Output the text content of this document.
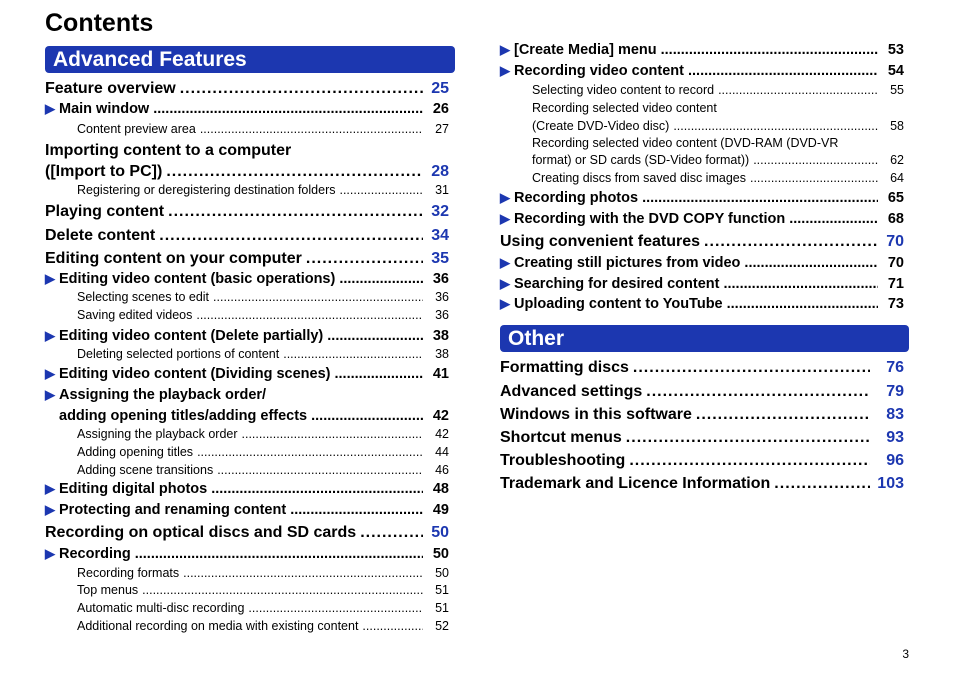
Contents
Advanced Features
Other
Feature overview .....	25
▶ Main window .....	26
Content preview area .....	27
Importing content to a computer
([Import to PC]) .....	28
Registering or deregistering destination folders .....	31
Playing content .....	32
Delete content .....	34
Editing content on your computer .....	35
▶ Editing video content (basic operations) .....	36
Selecting scenes to edit .....	36
Saving edited videos .....	36
▶ Editing video content (Delete partially) .....	38
Deleting selected portions of content .....	38
▶ Editing video content (Dividing scenes) .....	41
▶ Assigning the playback order/
adding opening titles/adding effects .....	42
Assigning the playback order .....	42
Adding opening titles .....	44
Adding scene transitions .....	46
▶ Editing digital photos .....	48
▶ Protecting and renaming content .....	49
Recording on optical discs and SD cards .....	50
▶ Recording .....	50
Recording formats .....	50
Top menus .....	51
Automatic multi-disc recording .....	51
Additional recording on media with existing content .....	52
▶ [Create Media] menu .....	53
▶ Recording video content .....	54
Selecting video content to record .....	55
Recording selected video content
(Create DVD-Video disc) .....	58
Recording selected video content (DVD-RAM (DVD-VR
format) or SD cards (SD-Video format)) .....	62
Creating discs from saved disc images .....	64
▶ Recording photos .....	65
▶ Recording with the DVD COPY function .....	68
Using convenient features .....	70
▶ Creating still pictures from video .....	70
▶ Searching for desired content .....	71
▶ Uploading content to YouTube .....	73
Formatting discs .....	76
Advanced settings .....	79
Windows in this software .....	83
Shortcut menus .....	93
Troubleshooting .....	96
Trademark and Licence Information .....	103
3
